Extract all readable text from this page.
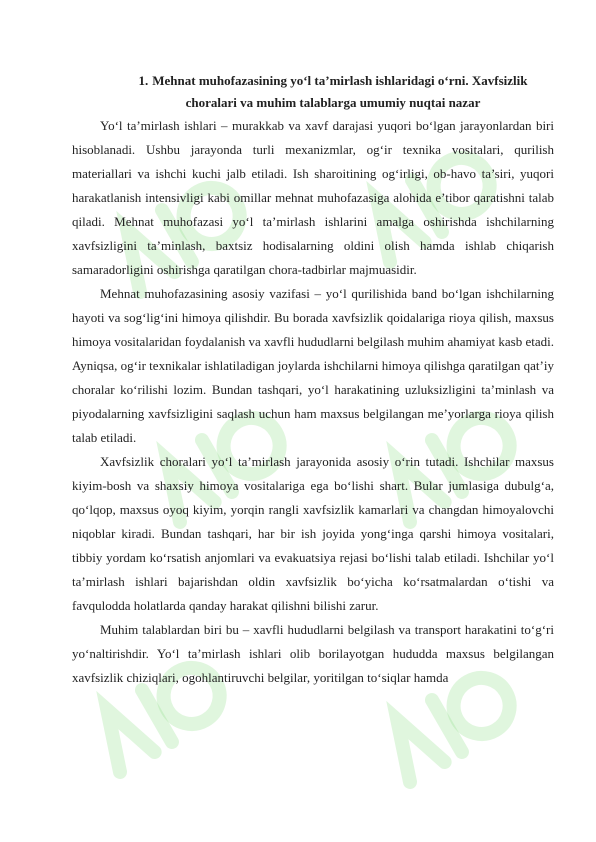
1. Mehnat muhofazasining yo‘l ta’mirlash ishlaridagi o‘rni. Xavfsizlik
choralari va muhim talablarga umumiy nuqtai nazar

Yo‘l ta’mirlash ishlari – murakkab va xavf darajasi yuqori bo‘lgan jarayonlardan biri hisoblanadi. Ushbu jarayonda turli mexanizmlar, og‘ir texnika vositalari, qurilish materiallari va ishchi kuchi jalb etiladi. Ish sharoitining og‘irligi, ob-havo ta’siri, yuqori harakatlanish intensivligi kabi omillar mehnat muhofazasiga alohida e’tibor qaratishni talab qiladi. Mehnat muhofazasi yo‘l ta’mirlash ishlarini amalga oshirishda ishchilarning xavfsizligini ta’minlash, baxtsiz hodisalarning oldini olish hamda ishlab chiqarish samaradorligini oshirishga qaratilgan chora-tadbirlar majmuasidir.

Mehnat muhofazasining asosiy vazifasi – yo‘l qurilishida band bo‘lgan ishchilarning hayoti va sog‘lig‘ini himoya qilishdir. Bu borada xavfsizlik qoidalariga rioya qilish, maxsus himoya vositalaridan foydalanish va xavfli hududlarni belgilash muhim ahamiyat kasb etadi. Ayniqsa, og‘ir texnikalar ishlatiladigan joylarda ishchilarni himoya qilishga qaratilgan qat’iy choralar ko‘rilishi lozim. Bundan tashqari, yo‘l harakatining uzluksizligini ta’minlash va piyodalarning xavfsizligini saqlash uchun ham maxsus belgilangan me’yorlarga rioya qilish talab etiladi.

Xavfsizlik choralari yo‘l ta’mirlash jarayonida asosiy o‘rin tutadi. Ishchilar maxsus kiyim-bosh va shaxsiy himoya vositalariga ega bo‘lishi shart. Bular jumlasiga dubulg‘a, qo‘lqop, maxsus oyoq kiyim, yorqin rangli xavfsizlik kamarlari va changdan himoyalovchi niqoblar kiradi. Bundan tashqari, har bir ish joyida yong‘inga qarshi himoya vositalari, tibbiy yordam ko‘rsatish anjomlari va evakuatsiya rejasi bo‘lishi talab etiladi. Ishchilar yo‘l ta’mirlash ishlari bajarishdan oldin xavfsizlik bo‘yicha ko‘rsatmalardan o‘tishi va favqulodda holatlarda qanday harakat qilishni bilishi zarur.

Muhim talablardan biri bu – xavfli hududlarni belgilash va transport harakatini to‘g‘ri yo‘naltirishdir. Yo‘l ta’mirlash ishlari olib borilayotgan hududda maxsus belgilangan xavfsizlik chiziqlari, ogohlantiruvchi belgilar, yoritilgan to‘siqlar hamda
